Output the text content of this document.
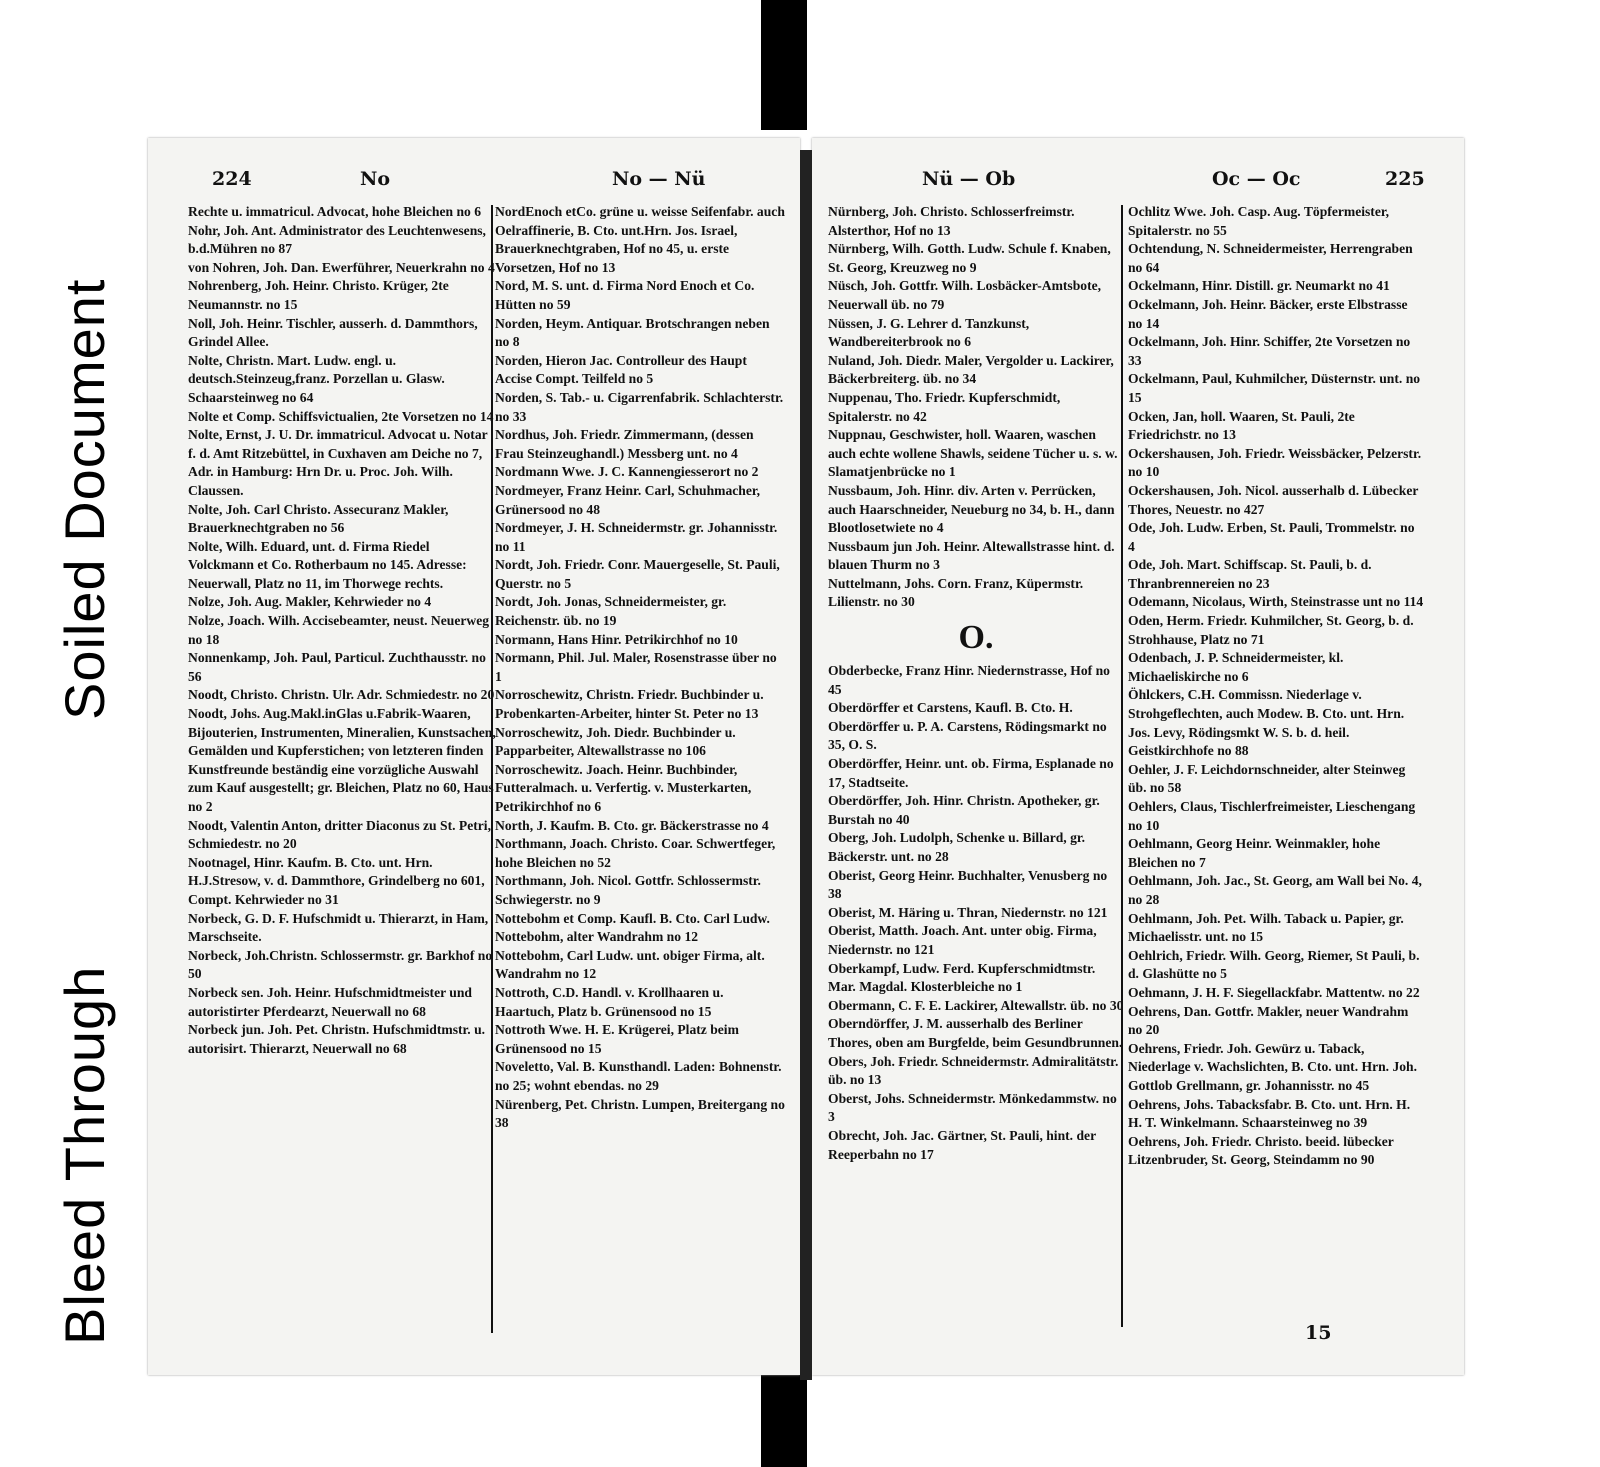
Soiled Document
Bleed Through
224	No	No — Nü	Nü — Ob	Oc — Oc	225
Rechte u. immatricul. Advocat, hohe Bleichen no 6
Nohr, Joh. Ant. Administrator des Leuchtenwesens, b.d.Mühren no 87
von Nohren, Joh. Dan. Ewerführer, Neuerkrahn no 4
Nohrenberg, Joh. Heinr. Christo. Krüger, 2te Neumannstr. no 15
Noll, Joh. Heinr. Tischler, ausserh. d. Dammthors, Grindel Allee.
Nolte, Christn. Mart. Ludw. engl. u. deutsch.Steinzeug,franz. Porzellan u. Glasw. Schaarsteinweg no 64
Nolte et Comp. Schiffsvictualien, 2te Vorsetzen no 14
Nolte, Ernst, J. U. Dr. immatricul. Advocat u. Notar f. d. Amt Ritzebüttel, in Cuxhaven am Deiche no 7, Adr. in Hamburg: Hrn Dr. u. Proc. Joh. Wilh. Claussen.
Nolte, Joh. Carl Christo. Assecuranz Makler, Brauerknechtgraben no 56
Nolte, Wilh. Eduard, unt. d. Firma Riedel Volckmann et Co. Rotherbaum no 145. Adresse: Neuerwall, Platz no 11, im Thorwege rechts.
Nolze, Joh. Aug. Makler, Kehrwieder no 4
Nolze, Joach. Wilh. Accisebeamter, neust. Neuerweg no 18
Nonnenkamp, Joh. Paul, Particul. Zuchthausstr. no 56
Noodt, Christo. Christn. Ulr. Adr. Schmiedestr. no 20
Noodt, Johs. Aug.Makl.inGlas u.Fabrik-Waaren, Bijouterien, Instrumenten, Mineralien, Kunstsachen, Gemälden und Kupferstichen; von letzteren finden Kunstfreunde beständig eine vorzügliche Auswahl zum Kauf ausgestellt; gr. Bleichen, Platz no 60, Haus no 2
Noodt, Valentin Anton, dritter Diaconus zu St. Petri, Schmiedestr. no 20
Nootnagel, Hinr. Kaufm. B. Cto. unt. Hrn. H.J.Stresow, v. d. Dammthore, Grindelberg no 601, Compt. Kehrwieder no 31
Norbeck, G. D. F. Hufschmidt u. Thierarzt, in Ham, Marschseite.
Norbeck, Joh.Christn. Schlossermstr. gr. Barkhof no 50
Norbeck sen. Joh. Heinr. Hufschmidtmeister und autoristirter Pferdearzt, Neuerwall no 68
Norbeck jun. Joh. Pet. Christn. Hufschmidtmstr. u. autorisirt. Thierarzt, Neuerwall no 68
NordEnoch etCo. grüne u. weisse Seifenfabr. auch Oelraffinerie, B. Cto. unt.Hrn. Jos. Israel, Brauerknechtgraben, Hof no 45, u. erste Vorsetzen, Hof no 13
Nord, M. S. unt. d. Firma Nord Enoch et Co. Hütten no 59
Norden, Heym. Antiquar. Brotschrangen neben no 8
Norden, Hieron Jac. Controlleur des Haupt Accise Compt. Teilfeld no 5
Norden, S. Tab.- u. Cigarrenfabrik. Schlachterstr. no 33
Nordhus, Joh. Friedr. Zimmermann, (dessen Frau Steinzeughandl.) Messberg unt. no 4
Nordmann Wwe. J. C. Kannengiesserort no 2
Nordmeyer, Franz Heinr. Carl, Schuhmacher, Grünersood no 48
Nordmeyer, J. H. Schneidermstr. gr. Johannisstr. no 11
Nordt, Joh. Friedr. Conr. Mauergeselle, St. Pauli, Querstr. no 5
Nordt, Joh. Jonas, Schneidermeister, gr. Reichenstr. üb. no 19
Normann, Hans Hinr. Petrikirchhof no 10
Normann, Phil. Jul. Maler, Rosenstrasse über no 1
Norroschewitz, Christn. Friedr. Buchbinder u. Probenkarten-Arbeiter, hinter St. Peter no 13
Norroschewitz, Joh. Diedr. Buchbinder u. Papparbeiter, Altewallstrasse no 106
Norroschewitz. Joach. Heinr. Buchbinder, Futteralmach. u. Verfertig. v. Musterkarten, Petrikirchhof no 6
North, J. Kaufm. B. Cto. gr. Bäckerstrasse no 4
Northmann, Joach. Christo. Coar. Schwertfeger, hohe Bleichen no 52
Northmann, Joh. Nicol. Gottfr. Schlossermstr. Schwiegerstr. no 9
Nottebohm et Comp. Kaufl. B. Cto. Carl Ludw. Nottebohm, alter Wandrahm no 12
Nottebohm, Carl Ludw. unt. obiger Firma, alt. Wandrahm no 12
Nottroth, C.D. Handl. v. Krollhaaren u. Haartuch, Platz b. Grünensood no 15
Nottroth Wwe. H. E. Krügerei, Platz beim Grünensood no 15
Noveletto, Val. B. Kunsthandl. Laden: Bohnenstr. no 25; wohnt ebendas. no 29
Nürenberg, Pet. Christn. Lumpen, Breitergang no 38
Nürnberg, Joh. Christo. Schlosserfreimstr. Alsterthor, Hof no 13
Nürnberg, Wilh. Gotth. Ludw. Schule f. Knaben, St. Georg, Kreuzweg no 9
Nüsch, Joh. Gottfr. Wilh. Losbäcker-Amtsbote, Neuerwall üb. no 79
Nüssen, J. G. Lehrer d. Tanzkunst, Wandbereiterbrook no 6
Nuland, Joh. Diedr. Maler, Vergolder u. Lackirer, Bäckerbreiterg. üb. no 34
Nuppenau, Tho. Friedr. Kupferschmidt, Spitalerstr. no 42
Nuppnau, Geschwister, holl. Waaren, waschen auch echte wollene Shawls, seidene Tücher u. s. w. Slamatjenbrücke no 1
Nussbaum, Joh. Hinr. div. Arten v. Perrücken, auch Haarschneider, Neueburg no 34, b. H., dann Blootlosetwiete no 4
Nussbaum jun Joh. Heinr. Altewallstrasse hint. d. blauen Thurm no 3
Nuttelmann, Johs. Corn. Franz, Küpermstr. Lilienstr. no 30
O.
Obderbecke, Franz Hinr. Niedernstrasse, Hof no 45
Oberdörffer et Carstens, Kaufl. B. Cto. H. Oberdörffer u. P. A. Carstens, Rödingsmarkt no 35, O. S.
Oberdörffer, Heinr. unt. ob. Firma, Esplanade no 17, Stadtseite.
Oberdörffer, Joh. Hinr. Christn. Apotheker, gr. Burstah no 40
Oberg, Joh. Ludolph, Schenke u. Billard, gr. Bäckerstr. unt. no 28
Oberist, Georg Heinr. Buchhalter, Venusberg no 38
Oberist, M. Häring u. Thran, Niedernstr. no 121
Oberist, Matth. Joach. Ant. unter obig. Firma, Niedernstr. no 121
Oberkampf, Ludw. Ferd. Kupferschmidtmstr. Mar. Magdal. Klosterbleiche no 1
Obermann, C. F. E. Lackirer, Altewallstr. üb. no 30
Oberndörffer, J. M. ausserhalb des Berliner Thores, oben am Burgfelde, beim Gesundbrunnen.
Obers, Joh. Friedr. Schneidermstr. Admiralitätstr. üb. no 13
Oberst, Johs. Schneidermstr. Mönkedammstw. no 3
Obrecht, Joh. Jac. Gärtner, St. Pauli, hint. der Reeperbahn no 17
Ochlitz Wwe. Joh. Casp. Aug. Töpfermeister, Spitalerstr. no 55
Ochtendung, N. Schneidermeister, Herrengraben no 64
Ockelmann, Hinr. Distill. gr. Neumarkt no 41
Ockelmann, Joh. Heinr. Bäcker, erste Elbstrasse no 14
Ockelmann, Joh. Hinr. Schiffer, 2te Vorsetzen no 33
Ockelmann, Paul, Kuhmilcher, Düsternstr. unt. no 15
Ocken, Jan, holl. Waaren, St. Pauli, 2te Friedrichstr. no 13
Ockershausen, Joh. Friedr. Weissbäcker, Pelzerstr. no 10
Ockershausen, Joh. Nicol. ausserhalb d. Lübecker Thores, Neuestr. no 427
Ode, Joh. Ludw. Erben, St. Pauli, Trommelstr. no 4
Ode, Joh. Mart. Schiffscap. St. Pauli, b. d. Thranbrennereien no 23
Odemann, Nicolaus, Wirth, Steinstrasse unt no 114
Oden, Herm. Friedr. Kuhmilcher, St. Georg, b. d. Strohhause, Platz no 71
Odenbach, J. P. Schneidermeister, kl. Michaeliskirche no 6
Öhlckers, C.H. Commissn. Niederlage v. Strohgeflechten, auch Modew. B. Cto. unt. Hrn. Jos. Levy, Rödingsmkt W. S. b. d. heil. Geistkirchhofe no 88
Oehler, J. F. Leichdornschneider, alter Steinweg üb. no 58
Oehlers, Claus, Tischlerfreimeister, Lieschengang no 10
Oehlmann, Georg Heinr. Weinmakler, hohe Bleichen no 7
Oehlmann, Joh. Jac., St. Georg, am Wall bei No. 4, no 28
Oehlmann, Joh. Pet. Wilh. Taback u. Papier, gr. Michaelisstr. unt. no 15
Oehlrich, Friedr. Wilh. Georg, Riemer, St Pauli, b. d. Glashütte no 5
Oehmann, J. H. F. Siegellackfabr. Mattentw. no 22
Oehrens, Dan. Gottfr. Makler, neuer Wandrahm no 20
Oehrens, Friedr. Joh. Gewürz u. Taback, Niederlage v. Wachslichten, B. Cto. unt. Hrn. Joh. Gottlob Grellmann, gr. Johannisstr. no 45
Oehrens, Johs. Tabacksfabr. B. Cto. unt. Hrn. H. H. T. Winkelmann. Schaarsteinweg no 39
Oehrens, Joh. Friedr. Christo. beeid. lübecker Litzenbruder, St. Georg, Steindamm no 90
15
